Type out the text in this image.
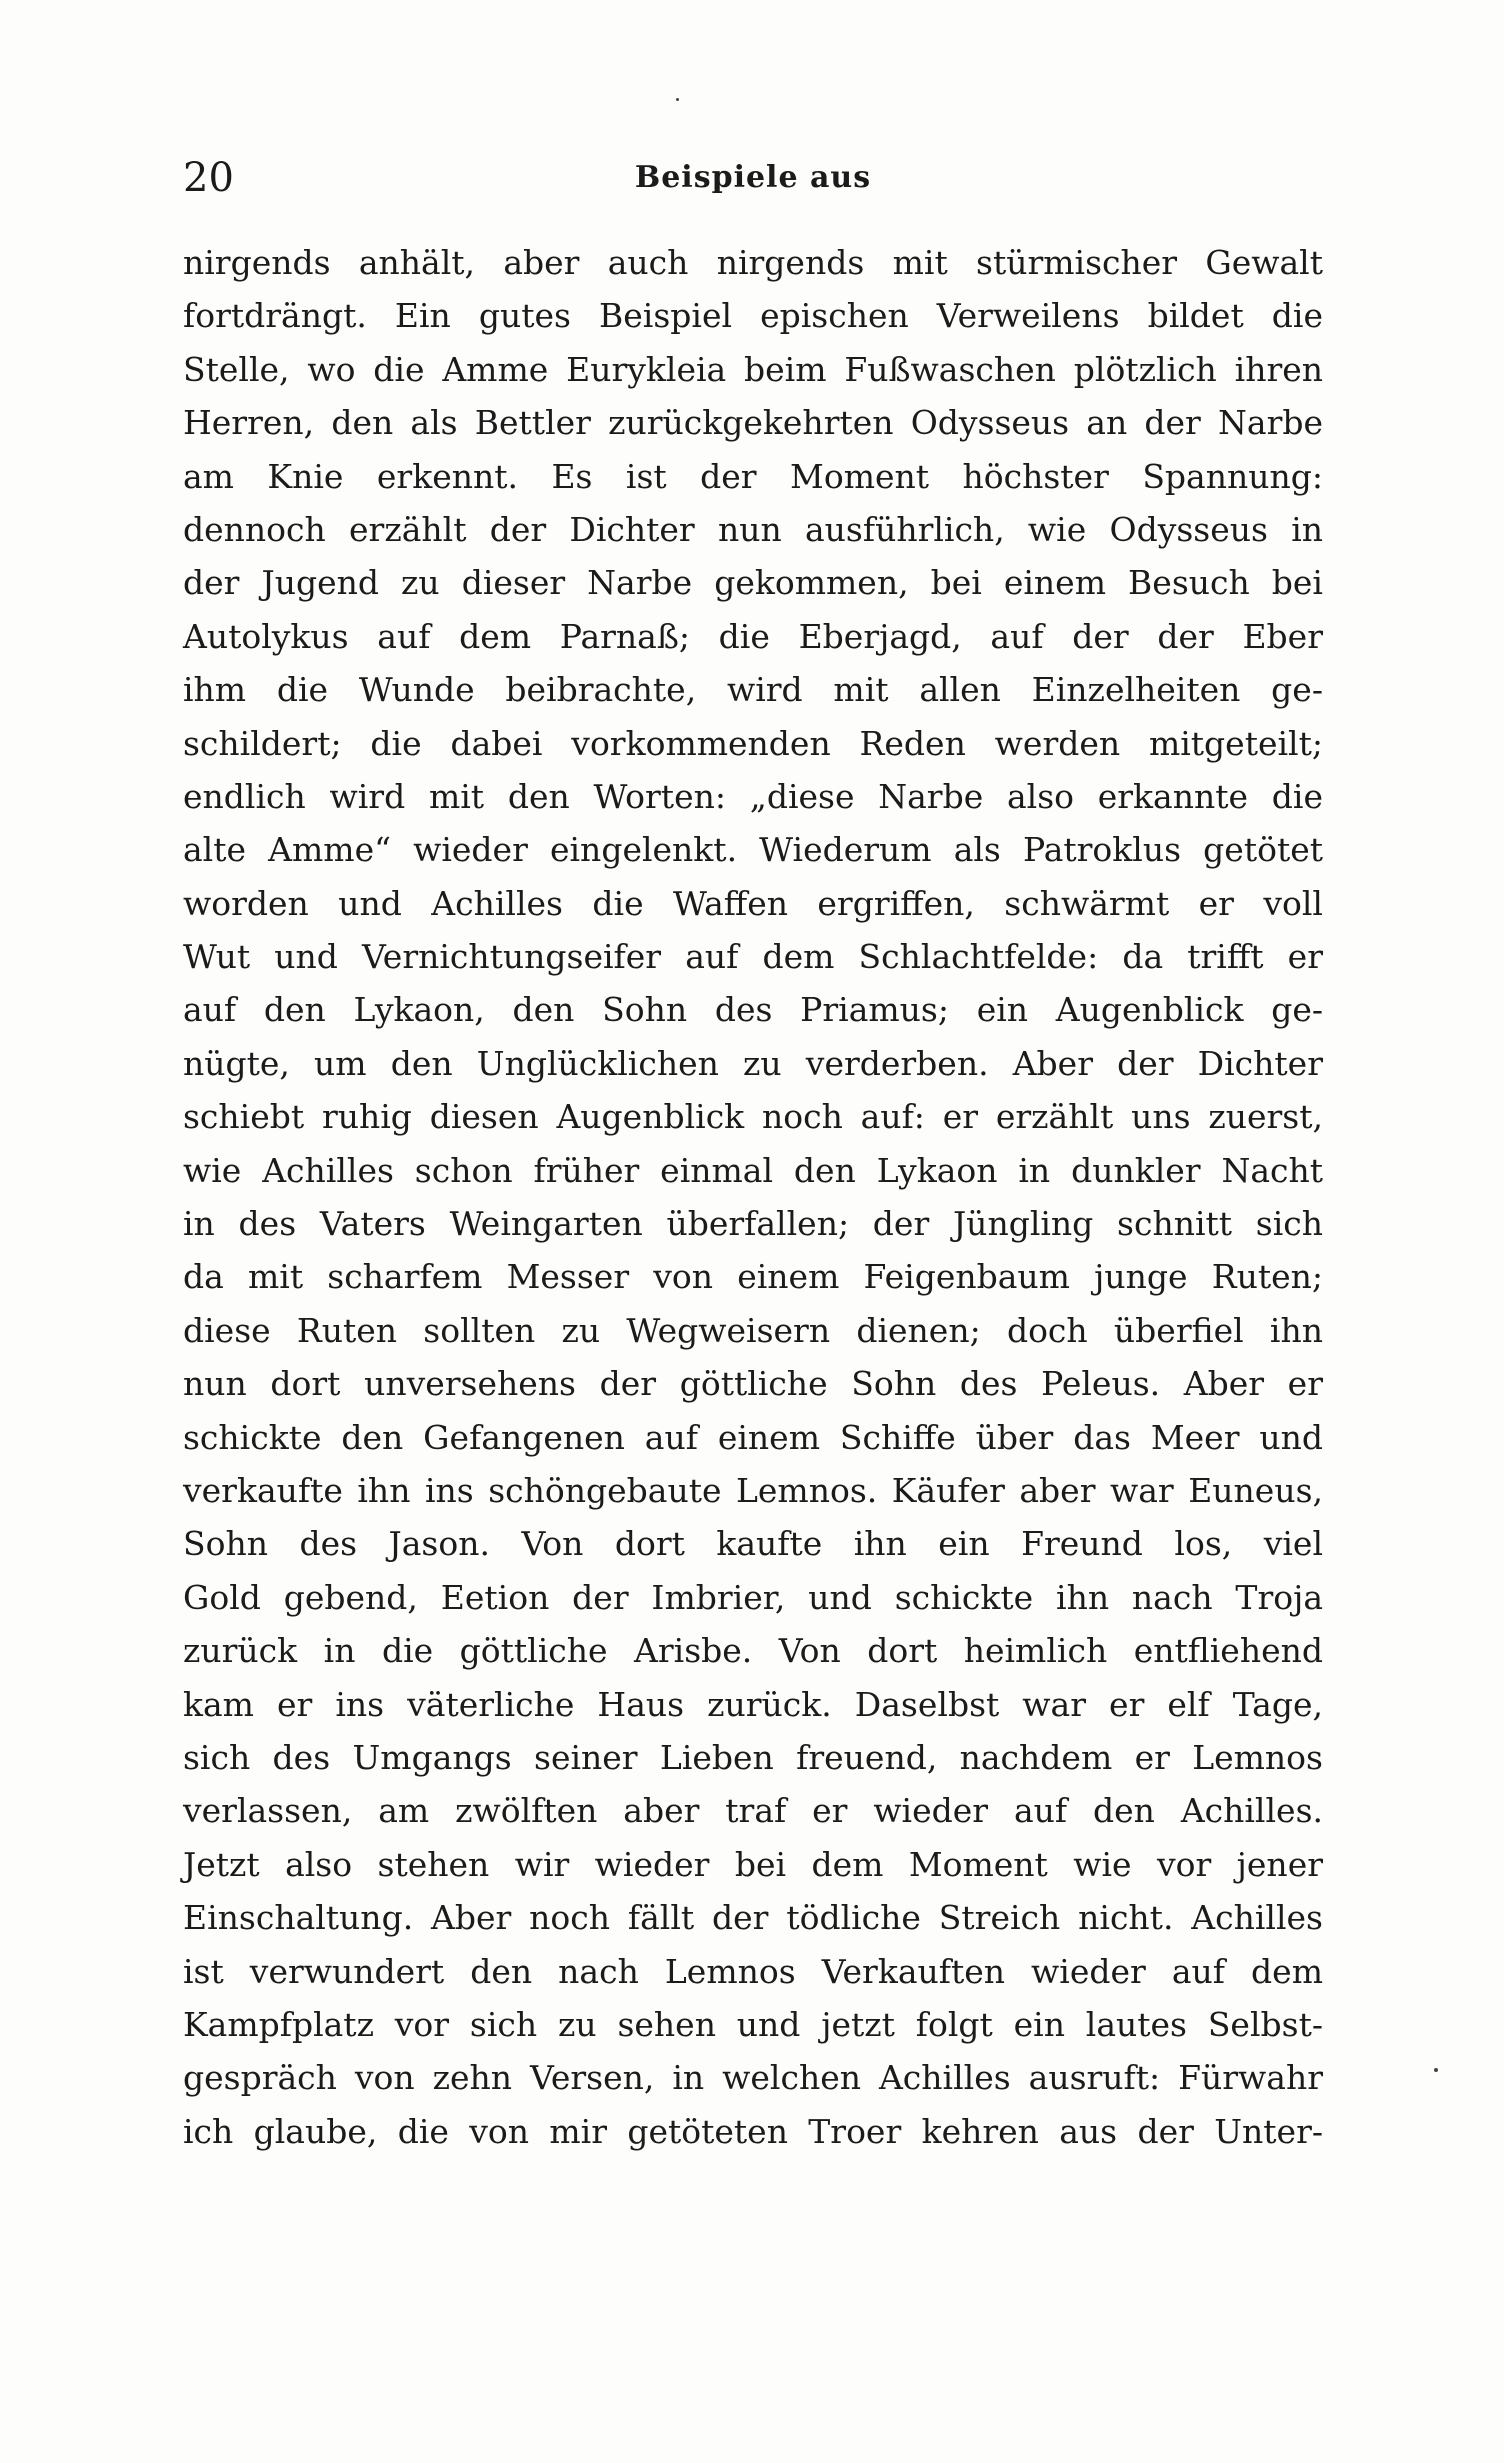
20	Beispiele aus
nirgends anhält, aber auch nirgends mit stürmischer Gewalt
fortdrängt. Ein gutes Beispiel epischen Verweilens bildet die
Stelle, wo die Amme Eurykleia beim Fußwaschen plötzlich ihren
Herren, den als Bettler zurückgekehrten Odysseus an der Narbe
am Knie erkennt. Es ist der Moment höchster Spannung:
dennoch erzählt der Dichter nun ausführlich, wie Odysseus in
der Jugend zu dieser Narbe gekommen, bei einem Besuch bei
Autolykus auf dem Parnaß; die Eberjagd, auf der der Eber
ihm die Wunde beibrachte, wird mit allen Einzelheiten ge-
schildert; die dabei vorkommenden Reden werden mitgeteilt;
endlich wird mit den Worten: „diese Narbe also erkannte die
alte Amme“ wieder eingelenkt. Wiederum als Patroklus getötet
worden und Achilles die Waffen ergriffen, schwärmt er voll
Wut und Vernichtungseifer auf dem Schlachtfelde: da trifft er
auf den Lykaon, den Sohn des Priamus; ein Augenblick ge-
nügte, um den Unglücklichen zu verderben. Aber der Dichter
schiebt ruhig diesen Augenblick noch auf: er erzählt uns zuerst,
wie Achilles schon früher einmal den Lykaon in dunkler Nacht
in des Vaters Weingarten überfallen; der Jüngling schnitt sich
da mit scharfem Messer von einem Feigenbaum junge Ruten;
diese Ruten sollten zu Wegweisern dienen; doch überfiel ihn
nun dort unversehens der göttliche Sohn des Peleus. Aber er
schickte den Gefangenen auf einem Schiffe über das Meer und
verkaufte ihn ins schöngebaute Lemnos. Käufer aber war Euneus,
Sohn des Jason. Von dort kaufte ihn ein Freund los, viel
Gold gebend, Eetion der Imbrier, und schickte ihn nach Troja
zurück in die göttliche Arisbe. Von dort heimlich entfliehend
kam er ins väterliche Haus zurück. Daselbst war er elf Tage,
sich des Umgangs seiner Lieben freuend, nachdem er Lemnos
verlassen, am zwölften aber traf er wieder auf den Achilles.
Jetzt also stehen wir wieder bei dem Moment wie vor jener
Einschaltung. Aber noch fällt der tödliche Streich nicht. Achilles
ist verwundert den nach Lemnos Verkauften wieder auf dem
Kampfplatz vor sich zu sehen und jetzt folgt ein lautes Selbst-
gespräch von zehn Versen, in welchen Achilles ausruft: Fürwahr
ich glaube, die von mir getöteten Troer kehren aus der Unter-
